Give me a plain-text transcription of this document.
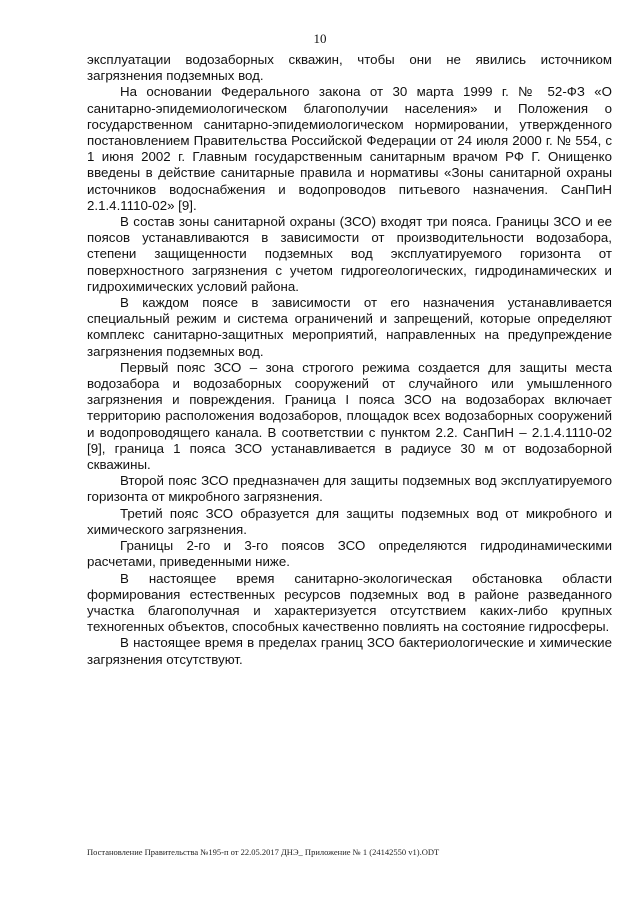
10

эксплуатации водозаборных скважин, чтобы они не явились источником загрязнения подземных вод.

На основании Федерального закона от 30 марта 1999 г. № 52-ФЗ «О санитарно-эпидемиологическом благополучии населения» и Положения о государственном санитарно-эпидемиологическом нормировании, утвержденного постановлением Правительства Российской Федерации от 24 июля 2000 г. № 554, с 1 июня 2002 г. Главным государственным санитарным врачом РФ Г. Онищенко введены в действие санитарные правила и нормативы «Зоны санитарной охраны источников водоснабжения и водопроводов питьевого назначения. СанПиН 2.1.4.1110-02» [9].

В состав зоны санитарной охраны (ЗСО) входят три пояса. Границы ЗСО и ее поясов устанавливаются в зависимости от производительности водозабора, степени защищенности подземных вод эксплуатируемого горизонта от поверхностного загрязнения с учетом гидрогеологических, гидродинамических и гидрохимических условий района.

В каждом поясе в зависимости от его назначения устанавливается специальный режим и система ограничений и запрещений, которые определяют комплекс санитарно-защитных мероприятий, направленных на предупреждение загрязнения подземных вод.

Первый пояс ЗСО – зона строгого режима создается для защиты места водозабора и водозаборных сооружений от случайного или умышленного загрязнения и повреждения. Граница I пояса ЗСО на водозаборах включает территорию расположения водозаборов, площадок всех водозаборных сооружений и водопроводящего канала. В соответствии с пунктом 2.2. СанПиН – 2.1.4.1110-02 [9], граница 1 пояса ЗСО устанавливается в радиусе 30 м от водозаборной скважины.

Второй пояс ЗСО предназначен для защиты подземных вод эксплуатируемого горизонта от микробного загрязнения.

Третий пояс ЗСО образуется для защиты подземных вод от микробного и химического загрязнения.

Границы 2-го и 3-го поясов ЗСО определяются гидродинамическими расчетами, приведенными ниже.

В настоящее время санитарно-экологическая обстановка области формирования естественных ресурсов подземных вод в районе разведанного участка благополучная и характеризуется отсутствием каких-либо крупных техногенных объектов, способных качественно повлиять на состояние гидросферы.

В настоящее время в пределах границ ЗСО бактериологические и химические загрязнения отсутствуют.

Постановление Правительства №195-п от 22.05.2017 ДНЭ_ Приложение № 1 (24142550 v1).ODT
